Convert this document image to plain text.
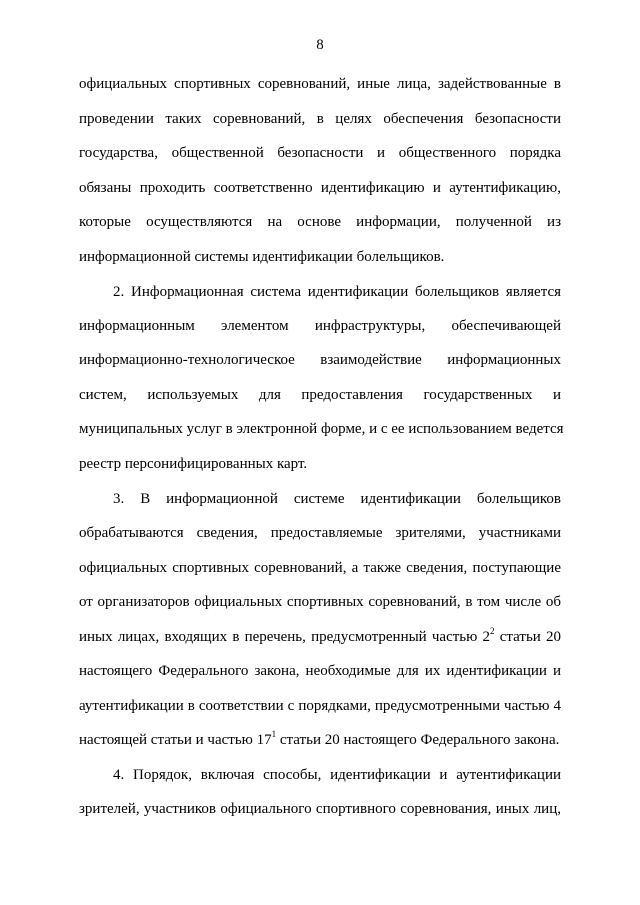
8
официальных спортивных соревнований, иные лица, задействованные в
проведении таких соревнований, в целях обеспечения безопасности
государства, общественной безопасности и общественного порядка
обязаны проходить соответственно идентификацию и аутентификацию,
которые осуществляются на основе информации, полученной из
информационной системы идентификации болельщиков.
2. Информационная система идентификации болельщиков является
информационным элементом инфраструктуры, обеспечивающей
информационно-технологическое взаимодействие информационных
систем, используемых для предоставления государственных и
муниципальных услуг в электронной форме, и с ее использованием ведется
реестр персонифицированных карт.
3. В информационной системе идентификации болельщиков
обрабатываются сведения, предоставляемые зрителями, участниками
официальных спортивных соревнований, а также сведения, поступающие
от организаторов официальных спортивных соревнований, в том числе об
иных лицах, входящих в перечень, предусмотренный частью $2^2$ статьи 20
настоящего Федерального закона, необходимые для их идентификации и
аутентификации в соответствии с порядками, предусмотренными частью 4
настоящей статьи и частью $17^1$ статьи 20 настоящего Федерального закона.
4. Порядок, включая способы, идентификации и аутентификации
зрителей, участников официального спортивного соревнования, иных лиц,
